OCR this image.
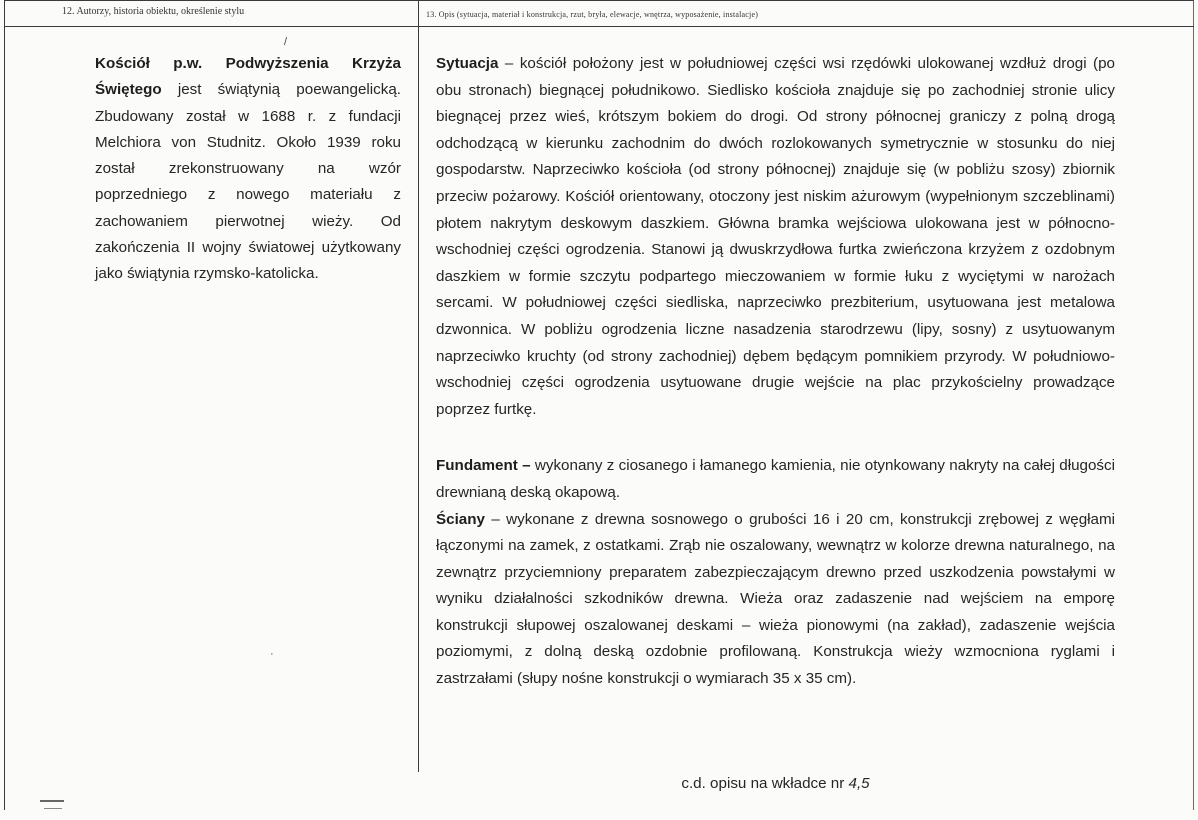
12. Autorzy, historia obiektu, określenie stylu	13. Opis (sytuacja, materiał i konstrukcja, rzut, bryła, elewacje, wnętrza, wyposażenie, instalacje)
/
·

Kościół p.w. Podwyższenia Krzyża Świętego jest świątynią poewangelicką. Zbudowany został w 1688 r. z fundacji Melchiora von Studnitz. Około 1939 roku został zrekonstruowany na wzór poprzedniego z nowego materiału z zachowaniem pierwotnej wieży. Od zakończenia II wojny światowej użytkowany jako świątynia rzymsko-katolicka.

Sytuacja – kościół położony jest w południowej części wsi rzędówki ulokowanej wzdłuż drogi (po obu stronach) biegnącej południkowo. Siedlisko kościoła znajduje się po zachodniej stronie ulicy biegnącej przez wieś, krótszym bokiem do drogi. Od strony północnej graniczy z polną drogą odchodzącą w kierunku zachodnim do dwóch rozlokowanych symetrycznie w stosunku do niej gospodarstw. Naprzeciwko kościoła (od strony północnej) znajduje się (w pobliżu szosy) zbiornik przeciw pożarowy. Kościół orientowany, otoczony jest niskim ażurowym (wypełnionym szczeblinami) płotem nakrytym deskowym daszkiem. Główna bramka wejściowa ulokowana jest w północno-wschodniej części ogrodzenia. Stanowi ją dwuskrzydłowa furtka zwieńczona krzyżem z ozdobnym daszkiem w formie szczytu podpartego mieczowaniem w formie łuku z wyciętymi w narożach sercami. W południowej części siedliska, naprzeciwko prezbiterium, usytuowana jest metalowa dzwonnica. W pobliżu ogrodzenia liczne nasadzenia starodrzewu (lipy, sosny) z usytuowanym naprzeciwko kruchty (od strony zachodniej) dębem będącym pomnikiem przyrody. W południowo-wschodniej części ogrodzenia usytuowane drugie wejście na plac przykościelny prowadzące poprzez furtkę.

Fundament – wykonany z ciosanego i łamanego kamienia, nie otynkowany nakryty na całej długości drewnianą deską okapową.

Ściany – wykonane z drewna sosnowego o grubości 16 i 20 cm, konstrukcji zrębowej z węgłami łączonymi na zamek, z ostatkami. Zrąb nie oszalowany, wewnątrz w kolorze drewna naturalnego, na zewnątrz przyciemniony preparatem zabezpieczającym drewno przed uszkodzenia powstałymi w wyniku działalności szkodników drewna. Wieża oraz zadaszenie nad wejściem na emporę konstrukcji słupowej oszalowanej deskami – wieża pionowymi (na zakład), zadaszenie wejścia poziomymi, z dolną deską ozdobnie profilowaną. Konstrukcja wieży wzmocniona ryglami i zastrzałami (słupy nośne konstrukcji o wymiarach 35 x 35 cm).

c.d. opisu na wkładce nr 4,5
